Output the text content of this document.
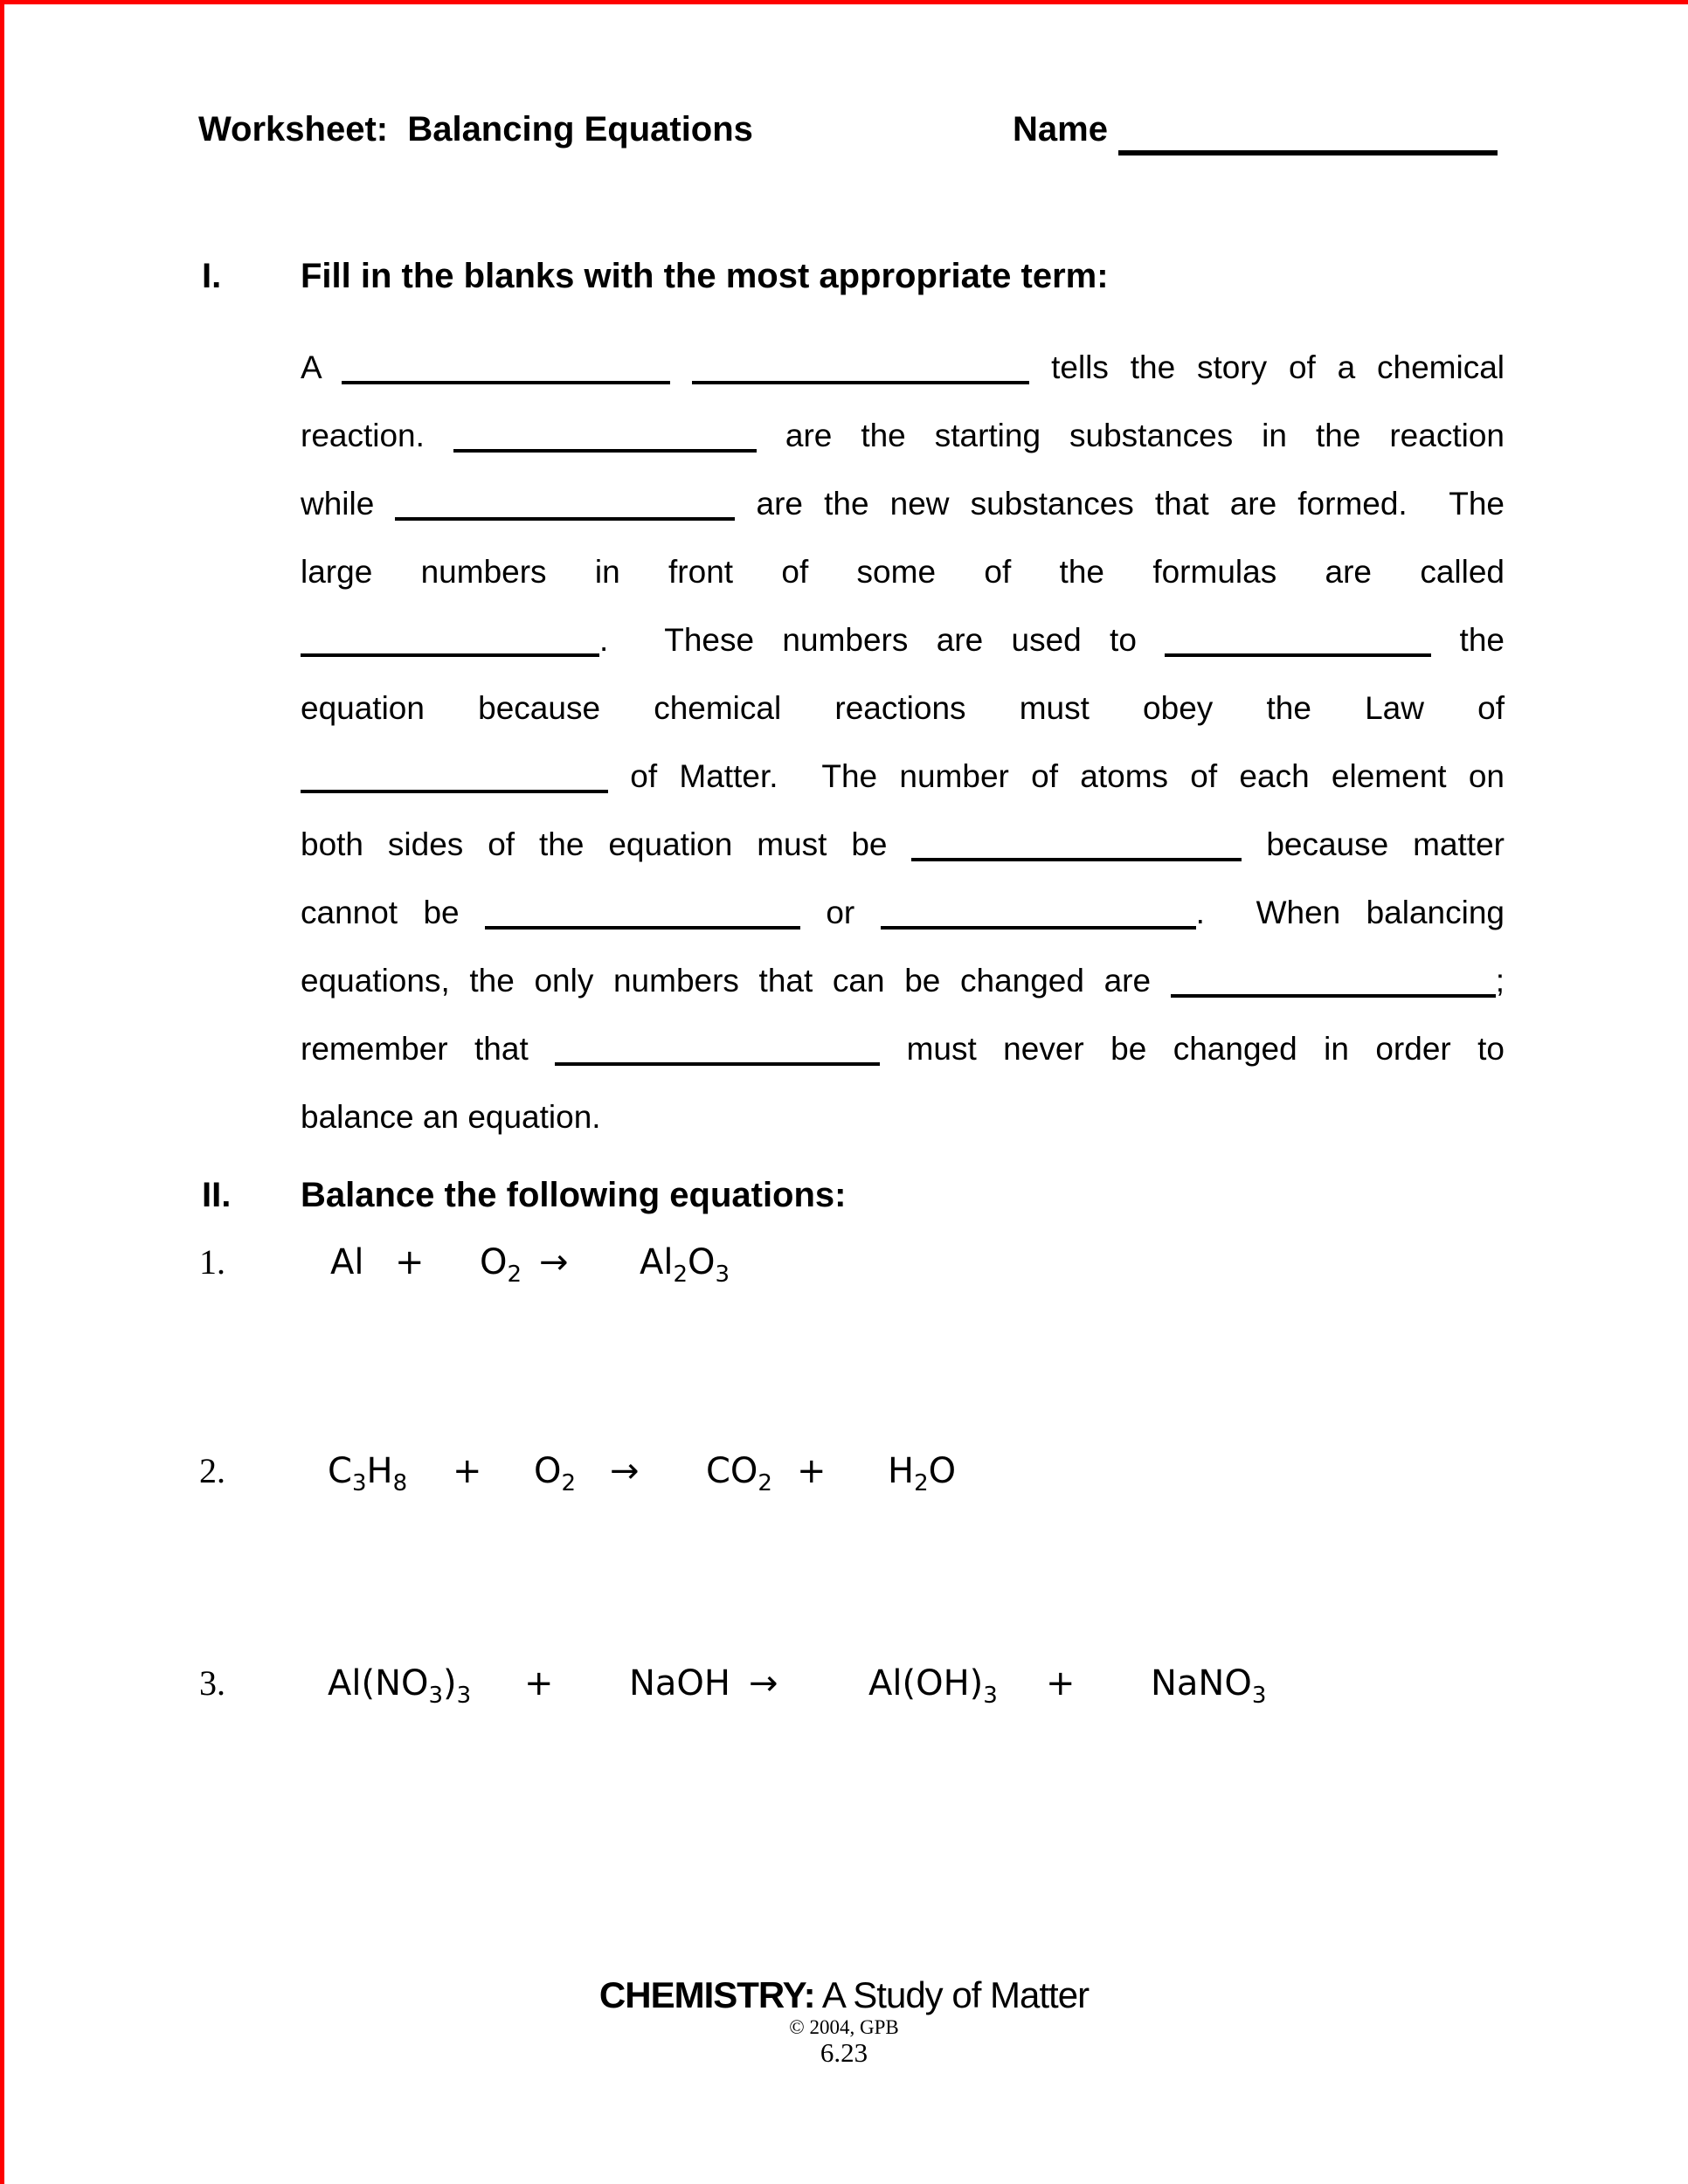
Worksheet:  Balancing Equations	Name
I. Fill in the blanks with the most appropriate term:
A	tells the story of a chemical
reaction.	are the starting substances in the reaction
while	are the new substances that are formed.  The
large numbers in front of some of the formulas are called
.  These numbers are used to	the
equation because chemical reactions must obey the Law of
of Matter.  The number of atoms of each element on
both sides of the equation must be	because matter
cannot be	or	.  When balancing
equations, the only numbers that can be changed are	;
remember that	must never be changed in order to
balance an equation.
II. Balance the following equations:
1.	$Al + O_2 \to Al_2O_3$
2.	$C_3H_8 + O_2 \to CO_2 + H_2O$
3.	$Al(NO_3)_3$ + NaOH →	$Al(OH)_3$ + NaNO$_3$
CHEMISTRY: A Study of Matter
© 2004, GPB
6.23
